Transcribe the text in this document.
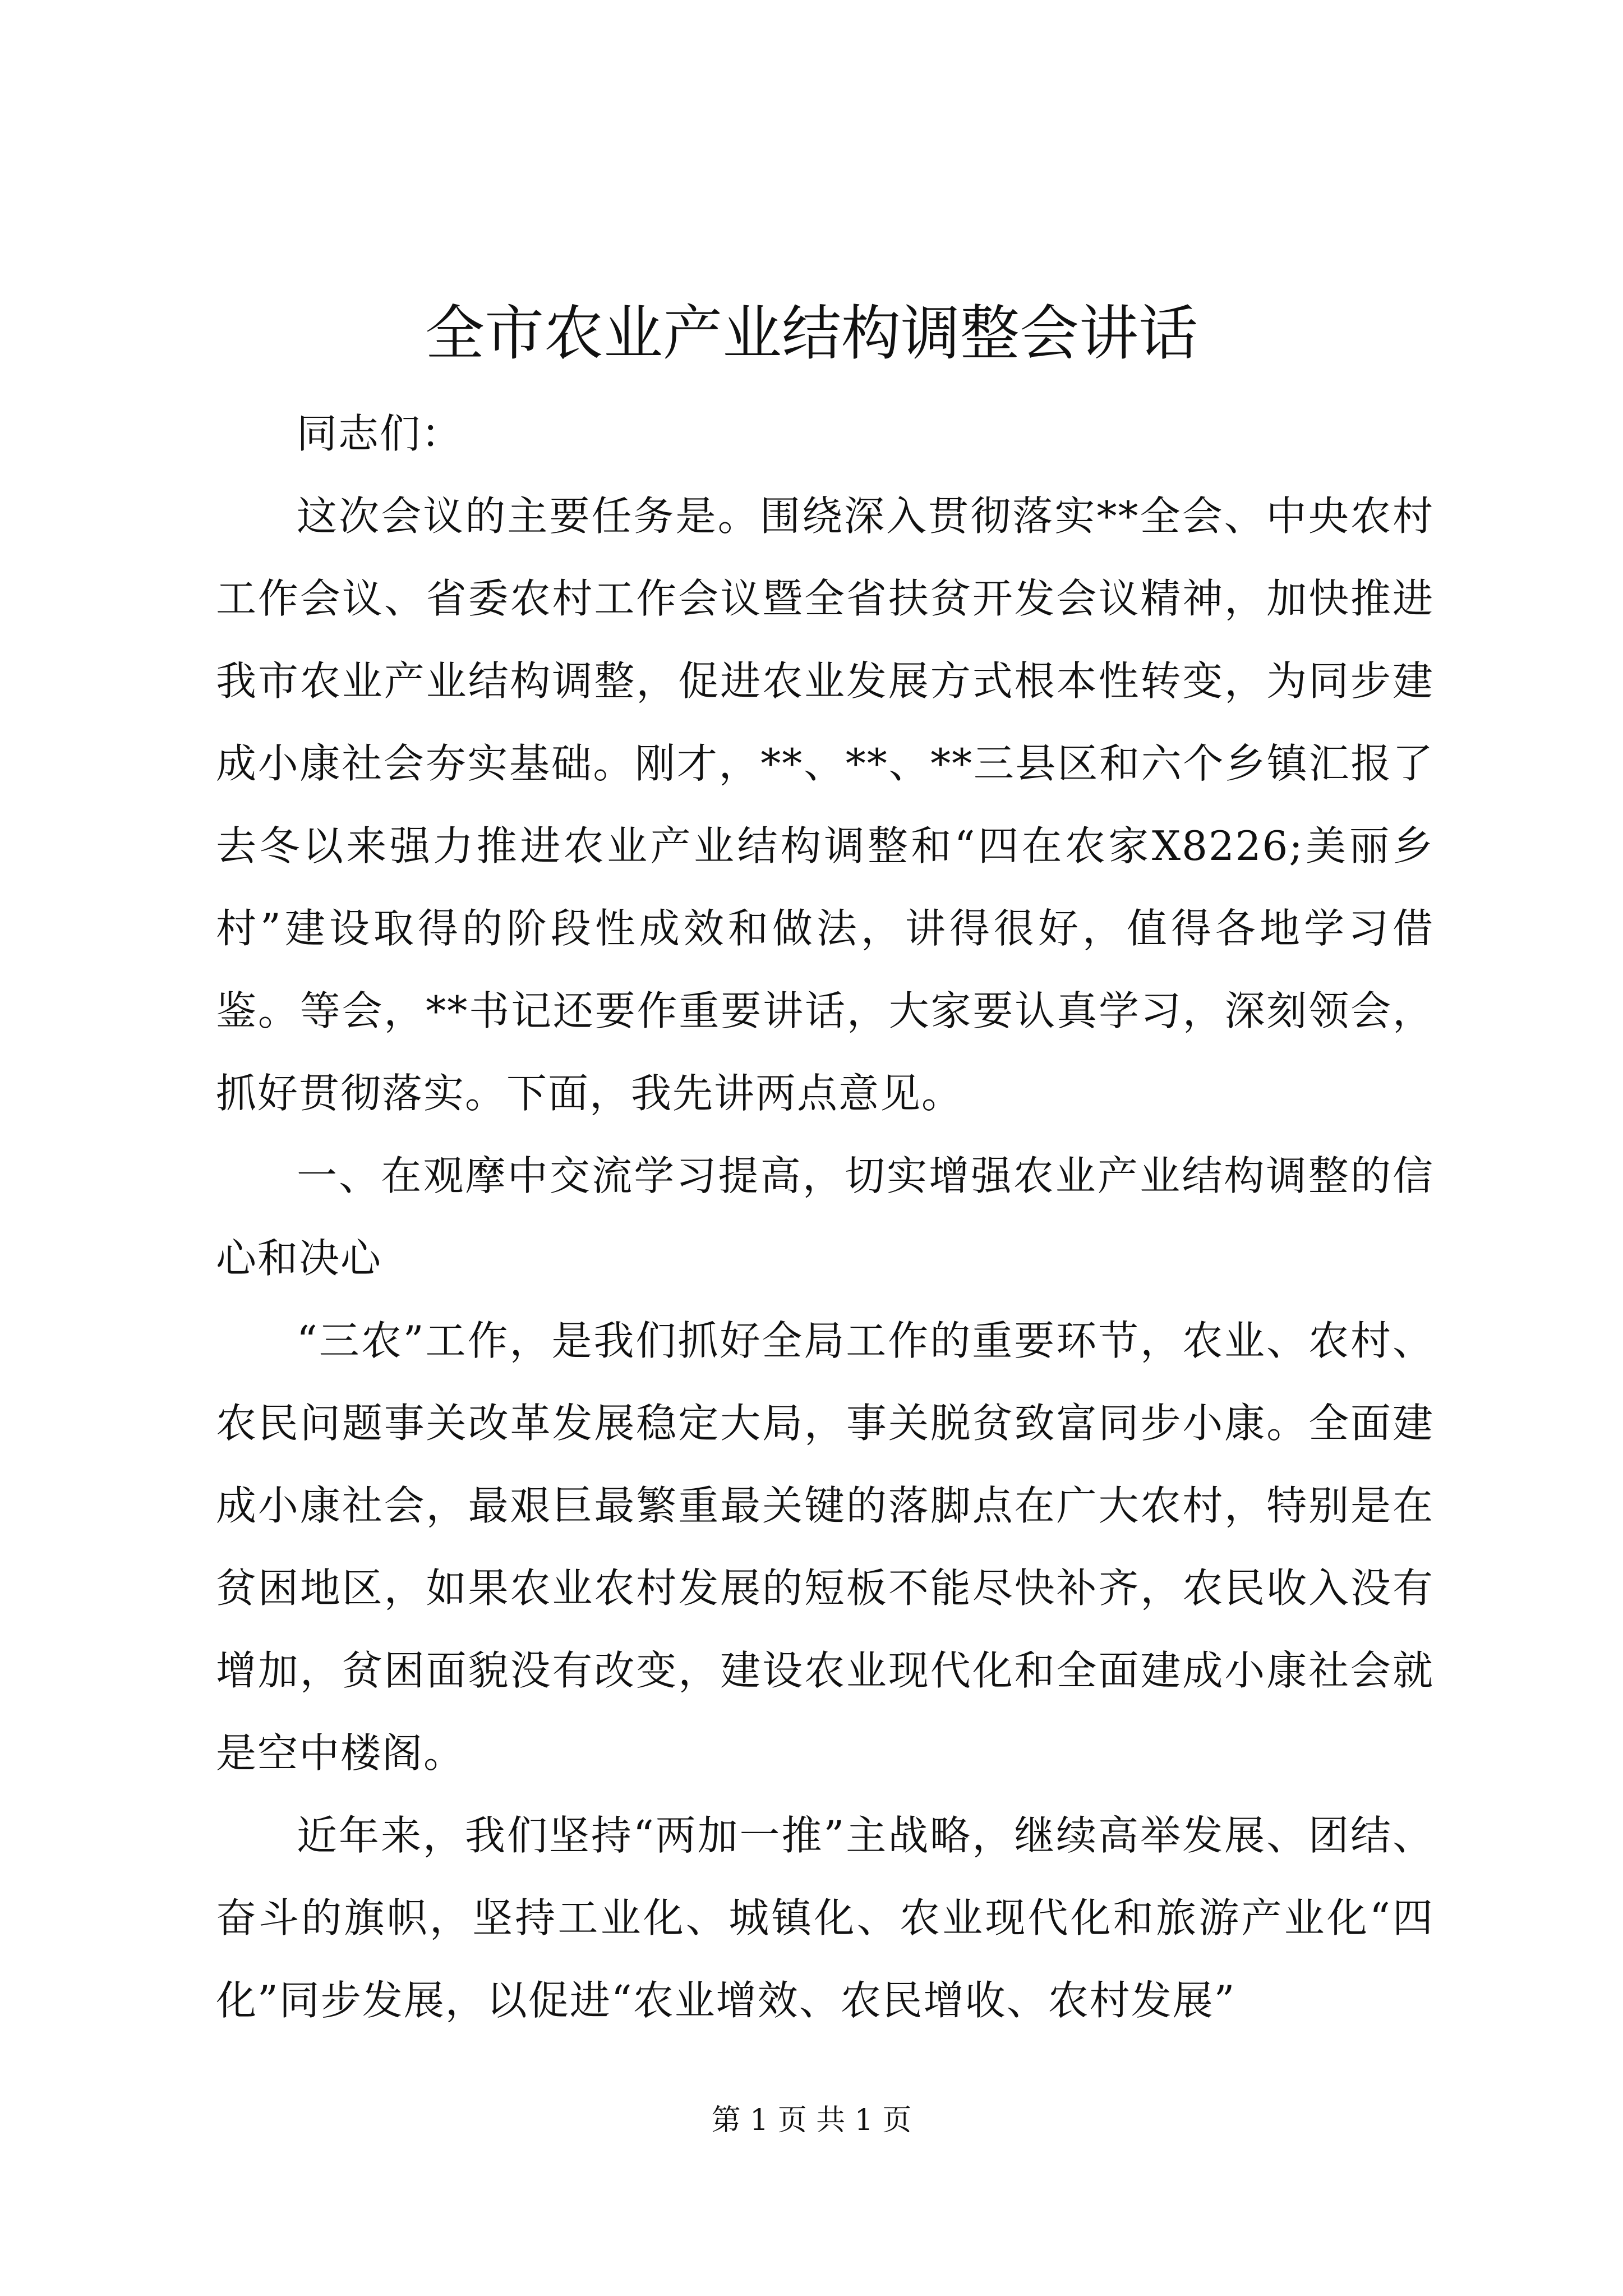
全市农业产业结构调整会讲话

同志们：

这次会议的主要任务是。围绕深入贯彻落实**全会、中央农村工作会议、省委农村工作会议暨全省扶贫开发会议精神，加快推进我市农业产业结构调整，促进农业发展方式根本性转变，为同步建成小康社会夯实基础。刚才，**、**、**三县区和六个乡镇汇报了去冬以来强力推进农业产业结构调整和“四在农家X8226;美丽乡村”建设取得的阶段性成效和做法，讲得很好，值得各地学习借鉴。等会，**书记还要作重要讲话，大家要认真学习，深刻领会，抓好贯彻落实。下面，我先讲两点意见。

一、在观摩中交流学习提高，切实增强农业产业结构调整的信心和决心

“三农”工作，是我们抓好全局工作的重要环节，农业、农村、农民问题事关改革发展稳定大局，事关脱贫致富同步小康。全面建成小康社会，最艰巨最繁重最关键的落脚点在广大农村，特别是在贫困地区，如果农业农村发展的短板不能尽快补齐，农民收入没有增加，贫困面貌没有改变，建设农业现代化和全面建成小康社会就是空中楼阁。

近年来，我们坚持“两加一推”主战略，继续高举发展、团结、奋斗的旗帜，坚持工业化、城镇化、农业现代化和旅游产业化“四化”同步发展，以促进“农业增效、农民增收、农村发展”

第 1 页 共 1 页
